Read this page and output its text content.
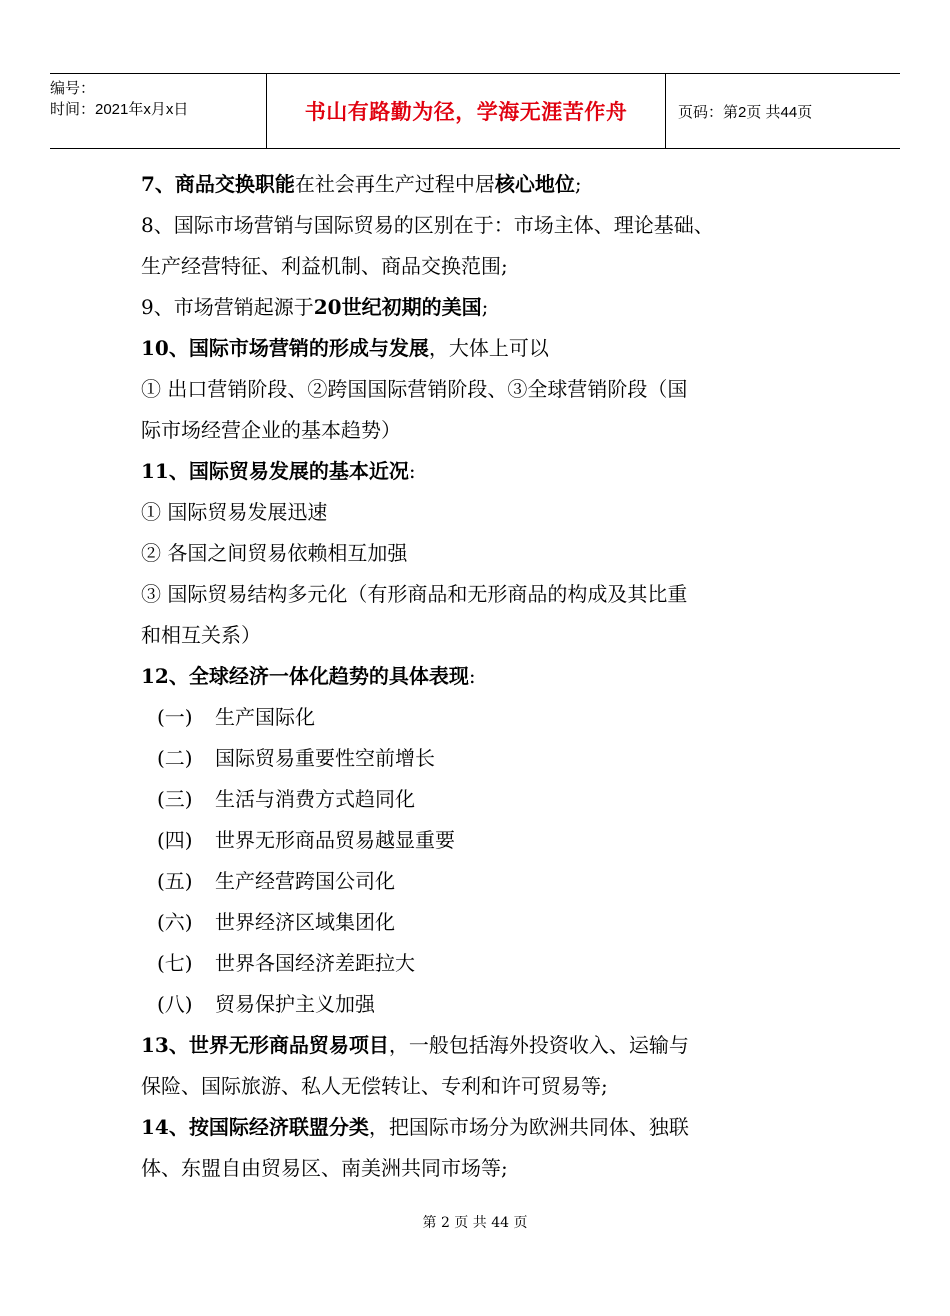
编号：
时间：2021年x月x日	书山有路勤为径，学海无涯苦作舟	页码：第2页 共44页
7、商品交换职能在社会再生产过程中居核心地位;
8、国际市场营销与国际贸易的区别在于：市场主体、理论基础、
生产经营特征、利益机制、商品交换范围;
9、市场营销起源于20世纪初期的美国;
10、国际市场营销的形成与发展，大体上可以
① 出口营销阶段、②跨国国际营销阶段、③全球营销阶段（国
际市场经营企业的基本趋势）
11、国际贸易发展的基本近况:
① 国际贸易发展迅速
② 各国之间贸易依赖相互加强
③ 国际贸易结构多元化（有形商品和无形商品的构成及其比重
和相互关系）
12、全球经济一体化趋势的具体表现:
(一) 生产国际化
(二) 国际贸易重要性空前增长
(三) 生活与消费方式趋同化
(四) 世界无形商品贸易越显重要
(五) 生产经营跨国公司化
(六) 世界经济区域集团化
(七) 世界各国经济差距拉大
(八) 贸易保护主义加强
13、世界无形商品贸易项目，一般包括海外投资收入、运输与
保险、国际旅游、私人无偿转让、专利和许可贸易等;
14、按国际经济联盟分类，把国际市场分为欧洲共同体、独联
体、东盟自由贸易区、南美洲共同市场等;
第 2 页 共 44 页
